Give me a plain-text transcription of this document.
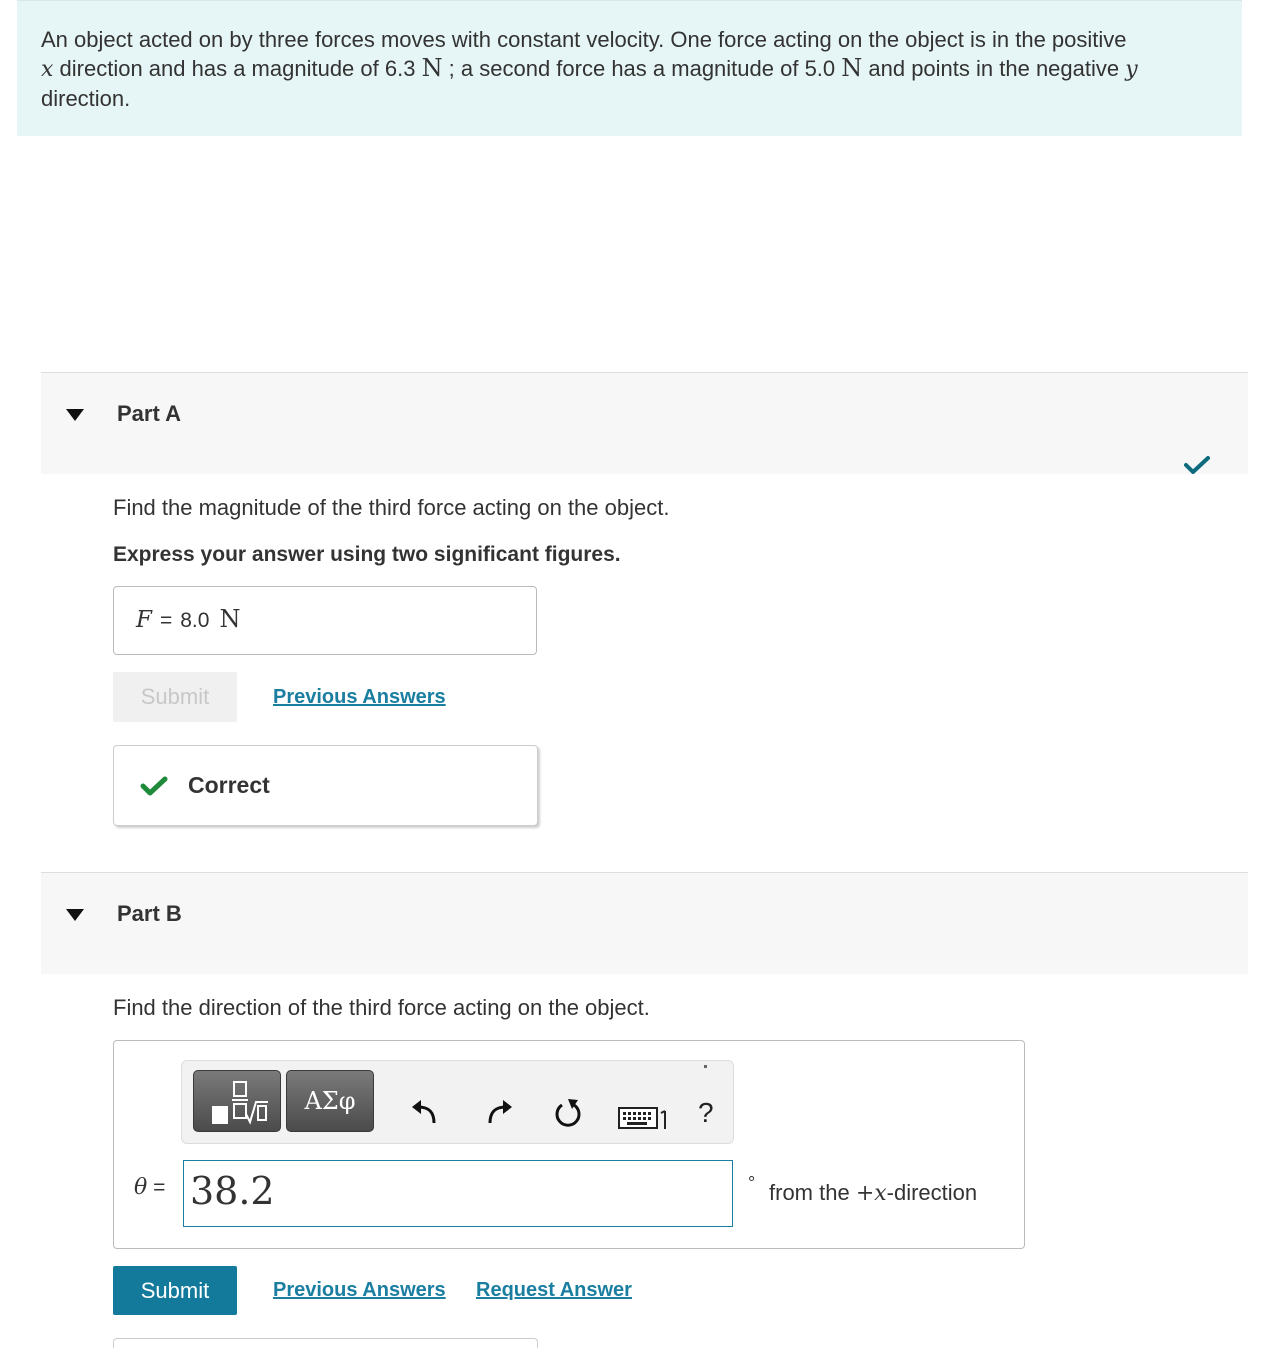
An object acted on by three forces moves with constant velocity. One force acting on the object is in the positive
x direction and has a magnitude of 6.3 N ; a second force has a magnitude of 5.0 N and points in the negative y
direction.
Part A
Find the magnitude of the third force acting on the object.
Express your answer using two significant figures.
F = 8.0 N
Submit	Previous Answers
Correct
Part B
Find the direction of the third force acting on the object.
ΑΣφ	?
θ = 38.2	° from the +x-direction
Submit	Previous Answers Request Answer
